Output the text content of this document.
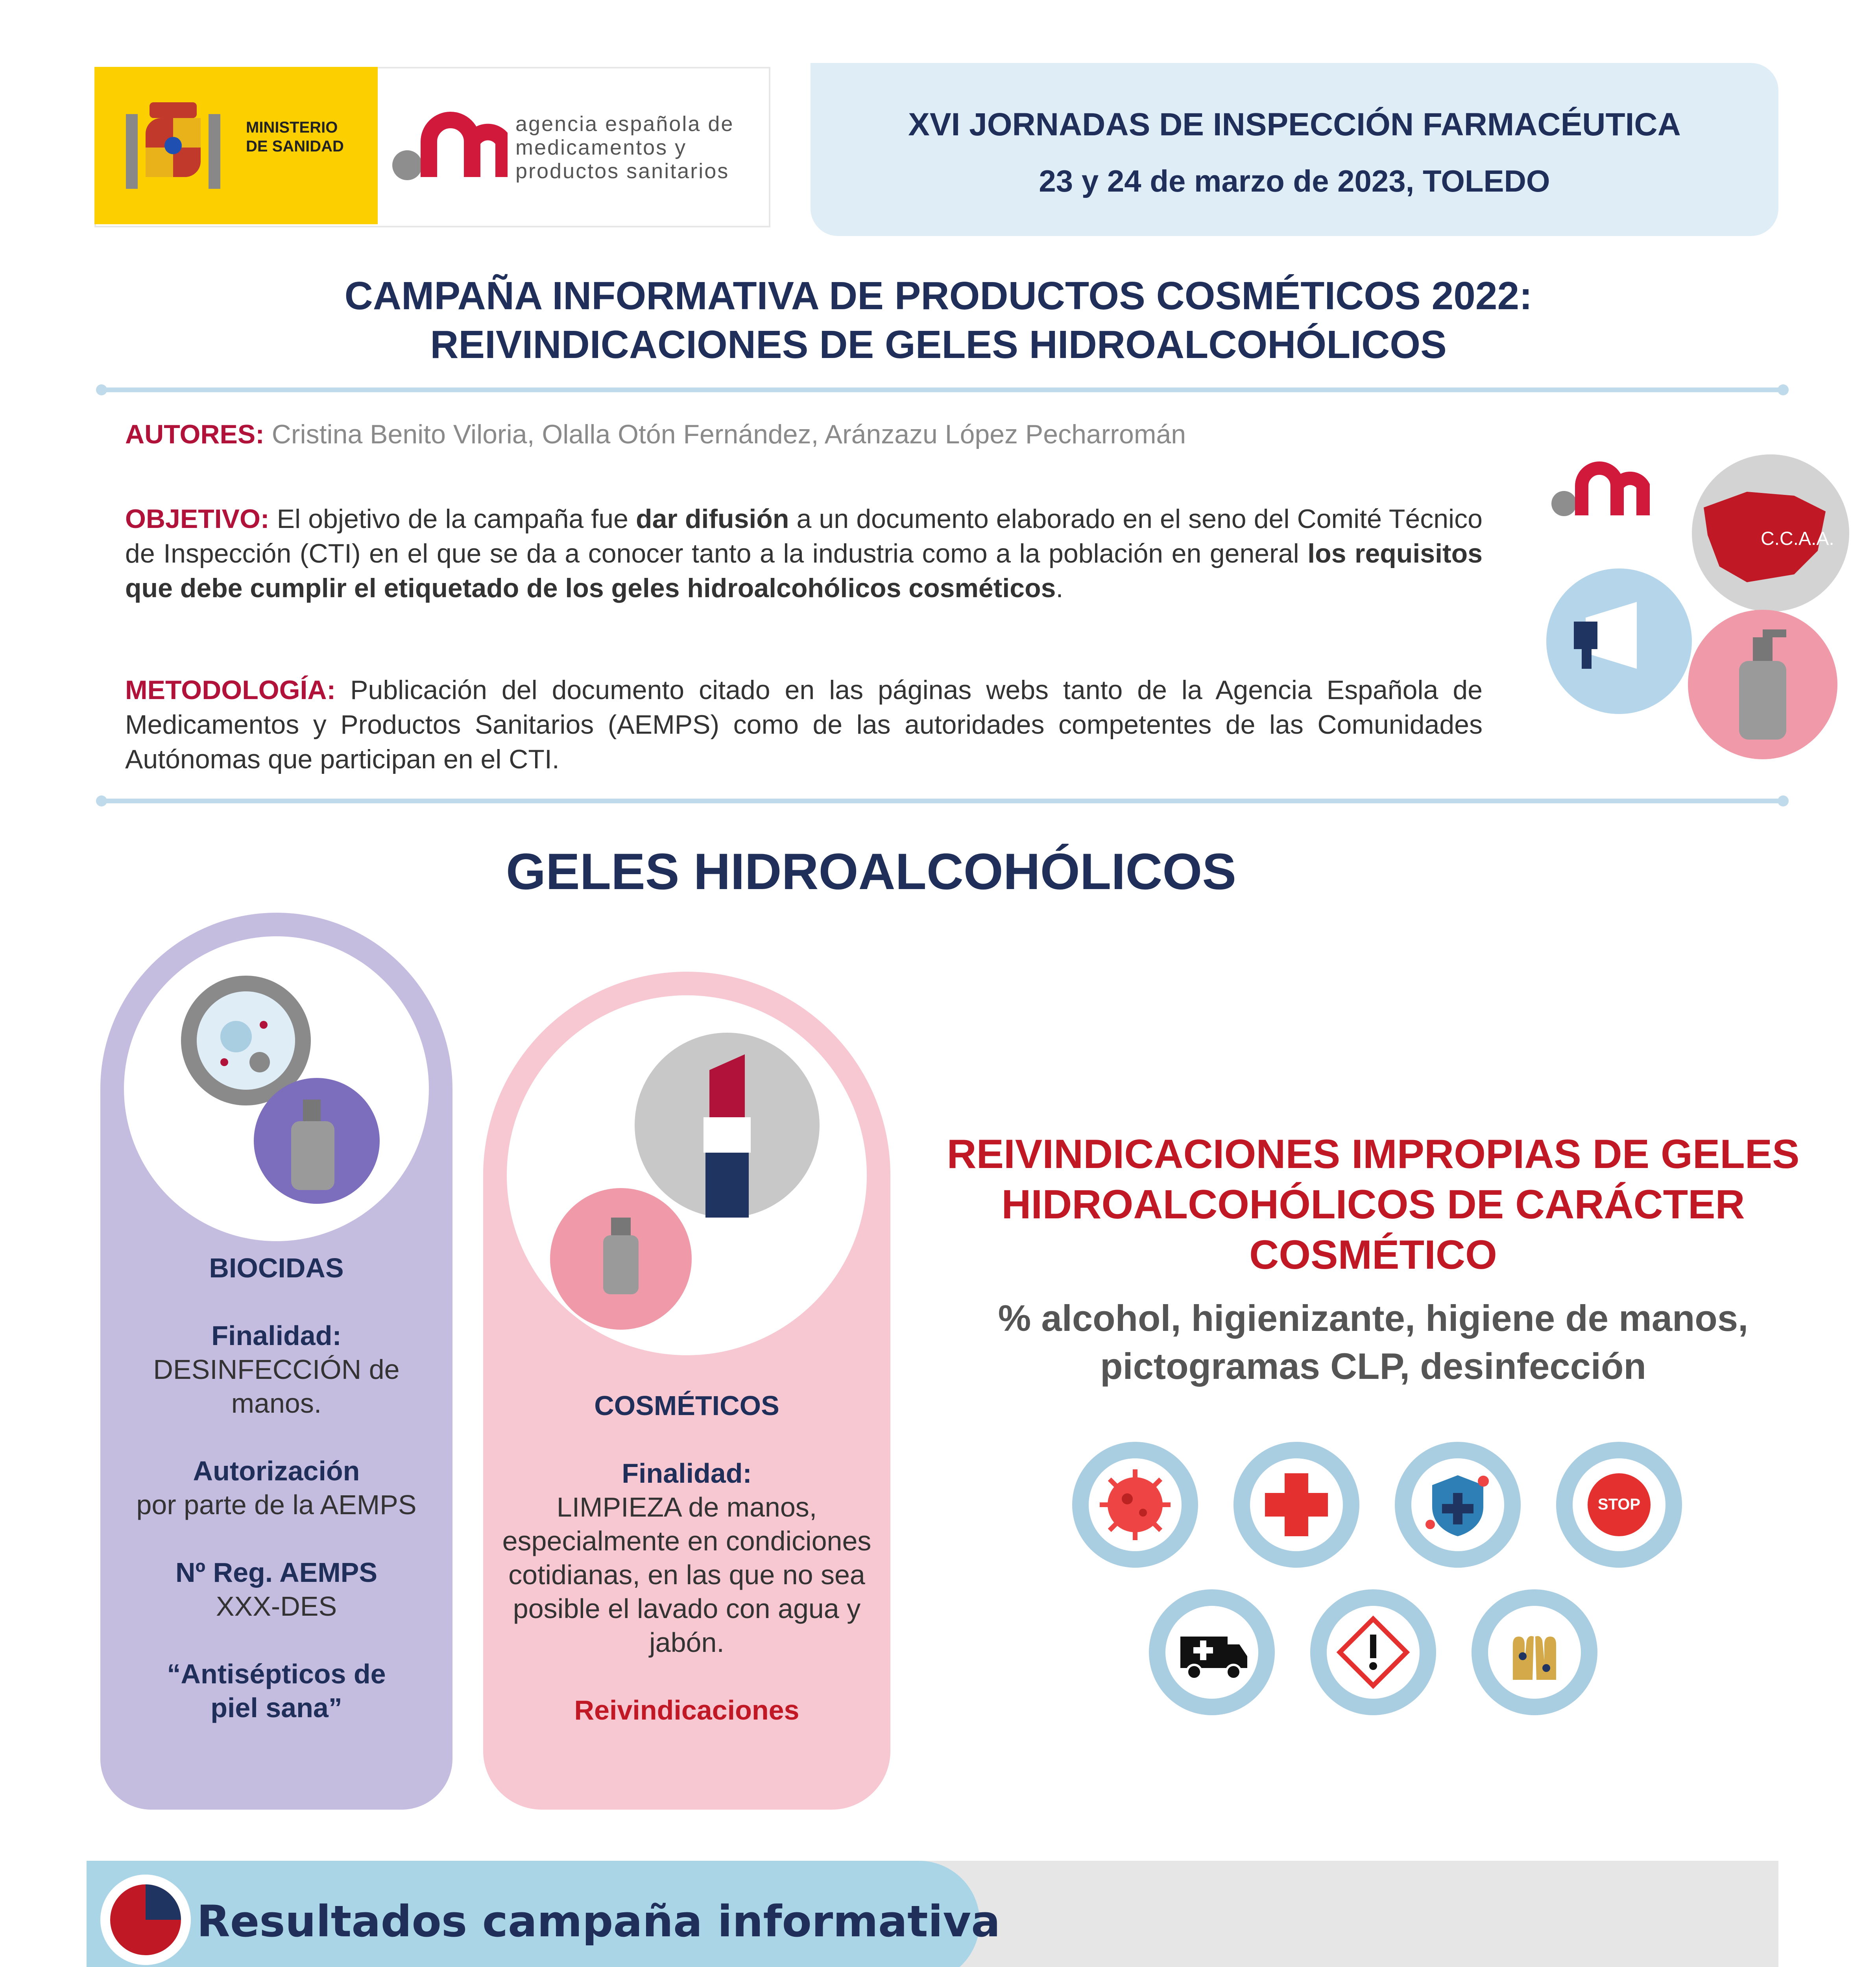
MINISTERIO
DE SANIDAD
agencia española de
medicamentos y
productos sanitarios
XVI JORNADAS DE INSPECCIÓN FARMACÉUTICA
23 y 24 de marzo de 2023, TOLEDO
CAMPAÑA INFORMATIVA DE PRODUCTOS COSMÉTICOS 2022:
REIVINDICACIONES DE GELES HIDROALCOHÓLICOS
AUTORES: Cristina Benito Viloria, Olalla Otón Fernández, Aránzazu López Pecharromán
OBJETIVO: El objetivo de la campaña fue dar difusión a un documento elaborado en el seno del Comité Técnico de Inspección (CTI) en el que se da a conocer tanto a la industria como a la población en general los requisitos que debe cumplir el etiquetado de los geles hidroalcohólicos cosméticos.
METODOLOGÍA: Publicación del documento citado en las páginas webs tanto de la Agencia Española de Medicamentos y Productos Sanitarios (AEMPS) como de las autoridades competentes de las Comunidades Autónomas que participan en el CTI.
C.C.A.A.
GELES HIDROALCOHÓLICOS
BIOCIDAS
Finalidad:
DESINFECCIÓN de manos.
Autorización
por parte de la AEMPS
Nº Reg. AEMPS
XXX-DES
“Antisépticos de piel sana”
COSMÉTICOS
Finalidad:
LIMPIEZA de manos, especialmente en condiciones cotidianas, en las que no sea posible el lavado con agua y jabón.
Reivindicaciones
REIVINDICACIONES IMPROPIAS DE GELES HIDROALCOHÓLICOS DE CARÁCTER COSMÉTICO
% alcohol, higienizante, higiene de manos, pictogramas CLP, desinfección
STOP
Resultados campaña informativa
